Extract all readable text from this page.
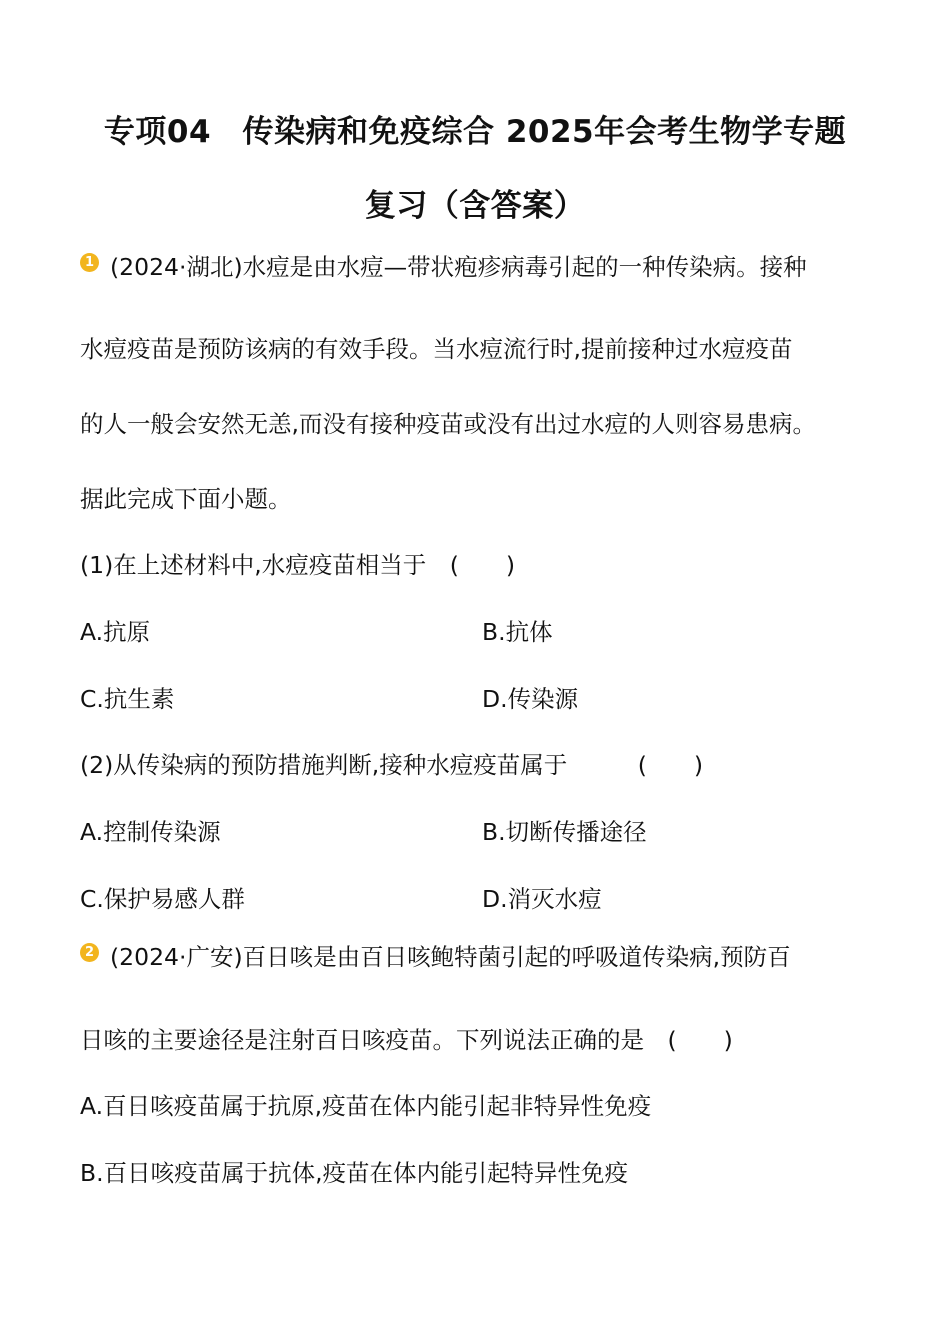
专项04　传染病和免疫综合 2025年会考生物学专题
复习（含答案）
1 (2024·湖北)水痘是由水痘—带状疱疹病毒引起的一种传染病。接种
水痘疫苗是预防该病的有效手段。当水痘流行时,提前接种过水痘疫苗
的人一般会安然无恙,而没有接种疫苗或没有出过水痘的人则容易患病。
据此完成下面小题。
(1)在上述材料中,水痘疫苗相当于　(　　)
A.抗原	B.抗体
C.抗生素	D.传染源
(2)从传染病的预防措施判断,接种水痘疫苗属于　　　(　　)
A.控制传染源	B.切断传播途径
C.保护易感人群	D.消灭水痘
2 (2024·广安)百日咳是由百日咳鲍特菌引起的呼吸道传染病,预防百
日咳的主要途径是注射百日咳疫苗。下列说法正确的是　(　　)
A.百日咳疫苗属于抗原,疫苗在体内能引起非特异性免疫
B.百日咳疫苗属于抗体,疫苗在体内能引起特异性免疫
